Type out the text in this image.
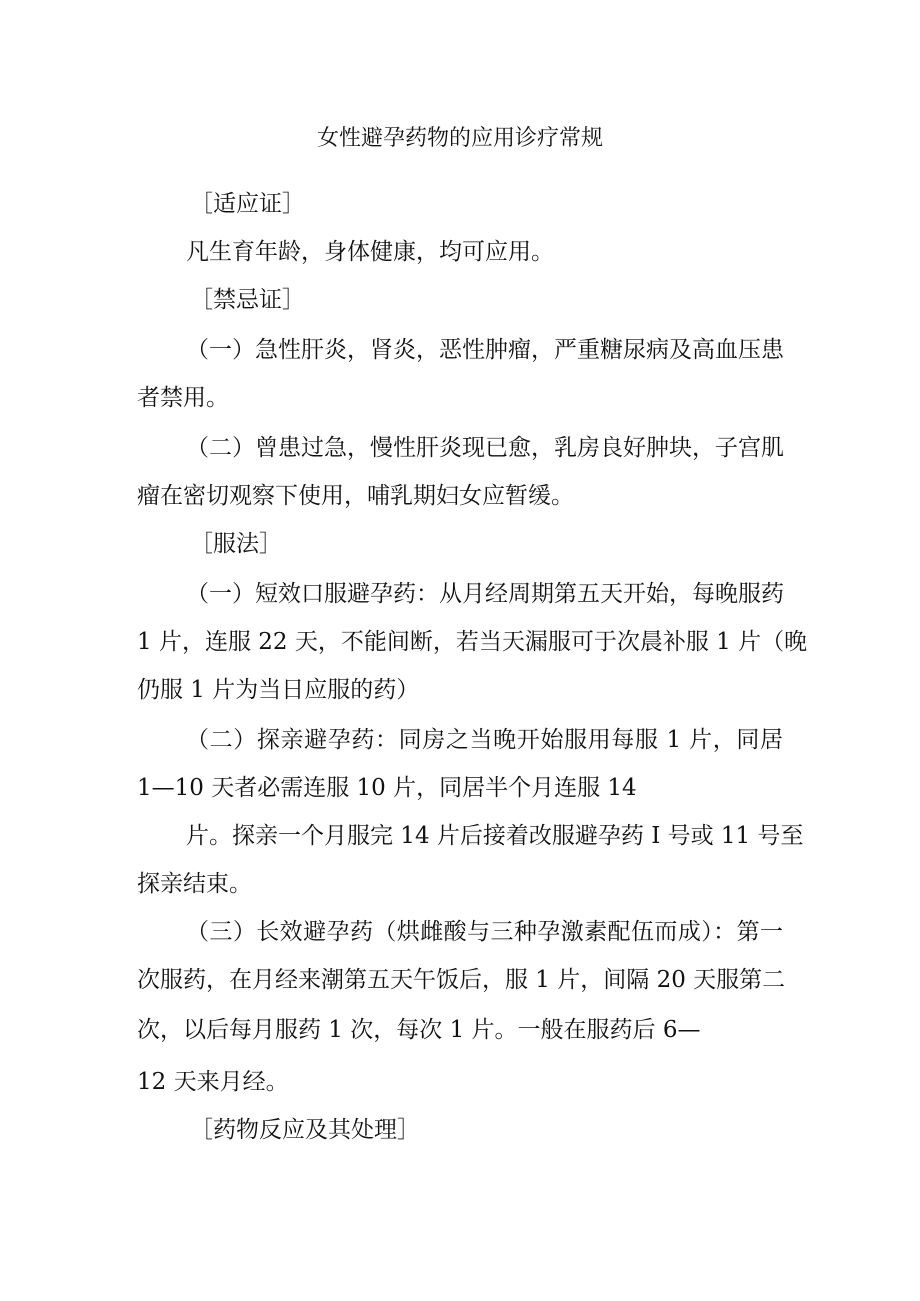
女性避孕药物的应用诊疗常规
［适应证］
凡生育年龄，身体健康，均可应用。
［禁忌证］
（一）急性肝炎，肾炎，恶性肿瘤，严重糖尿病及高血压患
者禁用。
（二）曾患过急，慢性肝炎现已愈，乳房良好肿块，子宫肌
瘤在密切观察下使用，哺乳期妇女应暂缓。
［服法］
（一）短效口服避孕药：从月经周期第五天开始，每晚服药
1 片，连服 22 天，不能间断，若当天漏服可于次晨补服 1 片（晚
仍服 1 片为当日应服的药）
（二）探亲避孕药：同房之当晚开始服用每服 1 片，同居
1—10 天者必需连服 10 片，同居半个月连服 14
片。探亲一个月服完 14 片后接着改服避孕药 I 号或 11 号至
探亲结束。
（三）长效避孕药（烘雌酸与三种孕激素配伍而成）：第一
次服药，在月经来潮第五天午饭后，服 1 片，间隔 20 天服第二
次，以后每月服药 1 次，每次 1 片。一般在服药后 6—
12 天来月经。
［药物反应及其处理］
